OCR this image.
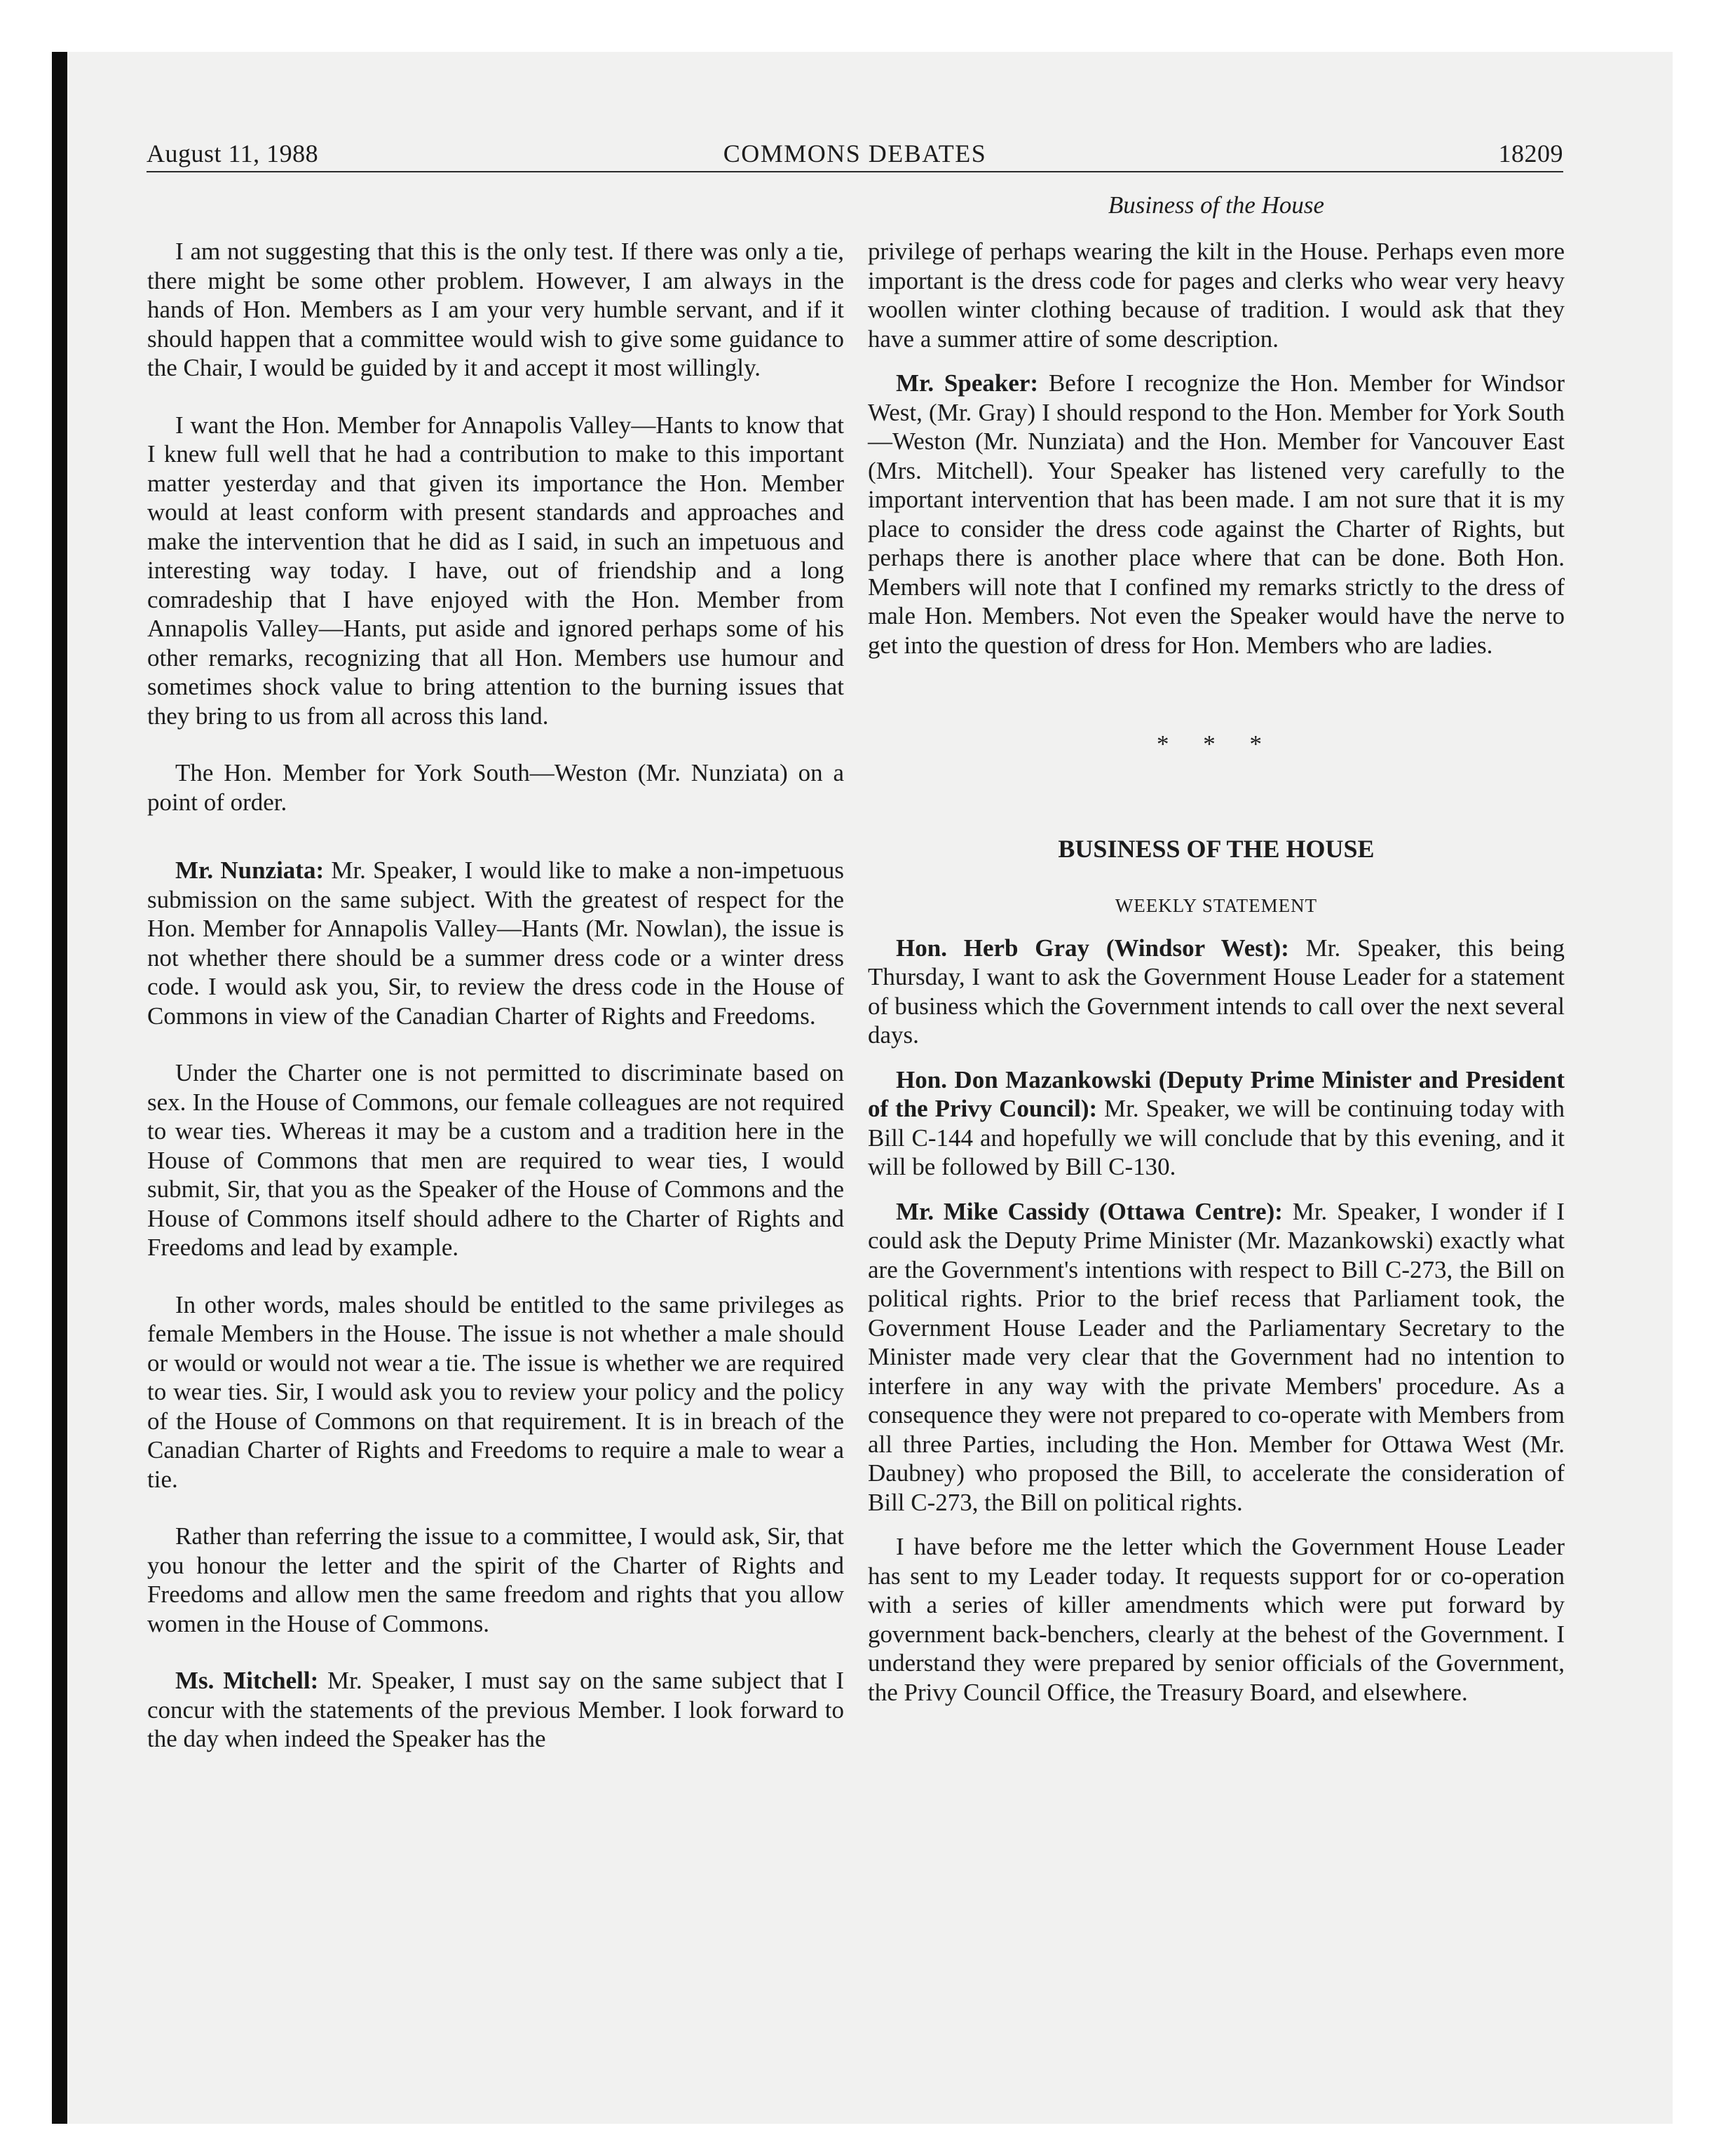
August 11, 1988	COMMONS DEBATES	18209
Business of the House

I am not suggesting that this is the only test. If there was only a tie, there might be some other problem. However, I am always in the hands of Hon. Members as I am your very humble servant, and if it should happen that a committee would wish to give some guidance to the Chair, I would be guided by it and accept it most willingly.

I want the Hon. Member for Annapolis Valley—Hants to know that I knew full well that he had a contribution to make to this important matter yesterday and that given its importance the Hon. Member would at least conform with present standards and approaches and make the intervention that he did as I said, in such an impetuous and interesting way today. I have, out of friendship and a long comradeship that I have enjoyed with the Hon. Member from Annapolis Valley—Hants, put aside and ignored perhaps some of his other remarks, recognizing that all Hon. Members use humour and sometimes shock value to bring attention to the burning issues that they bring to us from all across this land.

The Hon. Member for York South—Weston (Mr. Nunziata) on a point of order.

Mr. Nunziata: Mr. Speaker, I would like to make a non-impetuous submission on the same subject. With the greatest of respect for the Hon. Member for Annapolis Valley—Hants (Mr. Nowlan), the issue is not whether there should be a summer dress code or a winter dress code. I would ask you, Sir, to review the dress code in the House of Commons in view of the Canadian Charter of Rights and Freedoms.

Under the Charter one is not permitted to discriminate based on sex. In the House of Commons, our female colleagues are not required to wear ties. Whereas it may be a custom and a tradition here in the House of Commons that men are required to wear ties, I would submit, Sir, that you as the Speaker of the House of Commons and the House of Commons itself should adhere to the Charter of Rights and Freedoms and lead by example.

In other words, males should be entitled to the same privileges as female Members in the House. The issue is not whether a male should or would or would not wear a tie. The issue is whether we are required to wear ties. Sir, I would ask you to review your policy and the policy of the House of Commons on that requirement. It is in breach of the Canadian Charter of Rights and Freedoms to require a male to wear a tie.

Rather than referring the issue to a committee, I would ask, Sir, that you honour the letter and the spirit of the Charter of Rights and Freedoms and allow men the same freedom and rights that you allow women in the House of Commons.

Ms. Mitchell: Mr. Speaker, I must say on the same subject that I concur with the statements of the previous Member. I look forward to the day when indeed the Speaker has the

privilege of perhaps wearing the kilt in the House. Perhaps even more important is the dress code for pages and clerks who wear very heavy woollen winter clothing because of tradition. I would ask that they have a summer attire of some description.

Mr. Speaker: Before I recognize the Hon. Member for Windsor West, (Mr. Gray) I should respond to the Hon. Member for York South—Weston (Mr. Nunziata) and the Hon. Member for Vancouver East (Mrs. Mitchell). Your Speaker has listened very carefully to the important intervention that has been made. I am not sure that it is my place to consider the dress code against the Charter of Rights, but perhaps there is another place where that can be done. Both Hon. Members will note that I confined my remarks strictly to the dress of male Hon. Members. Not even the Speaker would have the nerve to get into the question of dress for Hon. Members who are ladies.

* * *

BUSINESS OF THE HOUSE

WEEKLY STATEMENT

Hon. Herb Gray (Windsor West): Mr. Speaker, this being Thursday, I want to ask the Government House Leader for a statement of business which the Government intends to call over the next several days.

Hon. Don Mazankowski (Deputy Prime Minister and President of the Privy Council): Mr. Speaker, we will be continuing today with Bill C-144 and hopefully we will conclude that by this evening, and it will be followed by Bill C-130.

Mr. Mike Cassidy (Ottawa Centre): Mr. Speaker, I wonder if I could ask the Deputy Prime Minister (Mr. Mazankowski) exactly what are the Government's intentions with respect to Bill C-273, the Bill on political rights. Prior to the brief recess that Parliament took, the Government House Leader and the Parliamentary Secretary to the Minister made very clear that the Government had no intention to interfere in any way with the private Members' procedure. As a consequence they were not prepared to co-operate with Members from all three Parties, including the Hon. Member for Ottawa West (Mr. Daubney) who proposed the Bill, to accelerate the consideration of Bill C-273, the Bill on political rights.

I have before me the letter which the Government House Leader has sent to my Leader today. It requests support for or co-operation with a series of killer amendments which were put forward by government back-benchers, clearly at the behest of the Government. I understand they were prepared by senior officials of the Government, the Privy Council Office, the Treasury Board, and elsewhere.
